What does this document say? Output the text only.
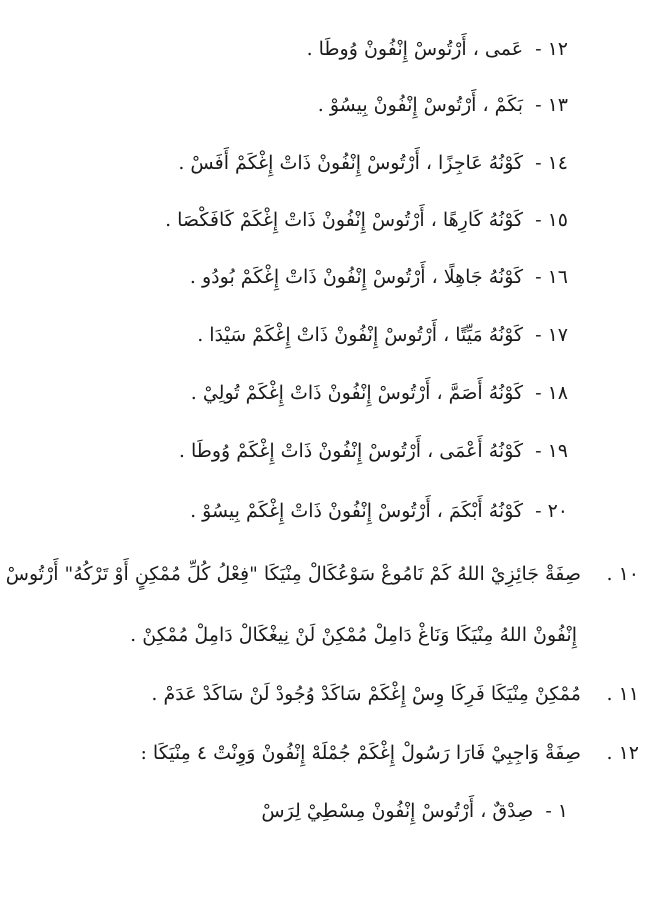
١٢ - عَمى ، أَرْتُوسْ إِنْفُونْ وُوطَا .
١٣ - بَكَمْ ، أَرْتُوسْ إِنْفُونْ بِيسُوْ .
١٤ - كَوْنُهُ عَاجِزًا ، أَرْتُوسْ إِنْفُونْ ذَاتْ إِغْكَمْ أَفَسْ .
١٥ - كَوْنُهُ كَارِهًا ، أَرْتُوسْ إِنْفُونْ ذَاتْ إِغْكَمْ كَافَكْصَا .
١٦ - كَوْنُهُ جَاهِلًا ، أَرْتُوسْ إِنْفُونْ ذَاتْ إِغْكَمْ بُودُو .
١٧ - كَوْنُهُ مَيِّتًا ، أَرْتُوسْ إِنْفُونْ ذَاتْ إِغْكَمْ سَيْدَا .
١٨ - كَوْنُهُ أَصَمَّ ، أَرْتُوسْ إِنْفُونْ ذَاتْ إِغْكَمْ تُولِيْ .
١٩ - كَوْنُهُ أَعْمَى ، أَرْتُوسْ إِنْفُونْ ذَاتْ إِغْكَمْ وُوطَا .
٢٠ - كَوْنُهُ أَبْكَمَ ، أَرْتُوسْ إِنْفُونْ ذَاتْ إِغْكَمْ بِيسُوْ .
١٠ . صِفَةْ جَائِزِيْ اللهُ كَمْ نَامُوعْ سَوْعُكَالْ مِنْيَكَا "فِعْلُ كُلِّ مُمْكِنٍ أَوْ تَرْكُهُ" أَرْتُوسْ
إِنْفُونْ اللهُ مِنْيَكَا وَنَاغْ دَامِلْ مُمْكِنْ لَنْ نِيغْكَالْ دَامِلْ مُمْكِنْ .
١١ . مُمْكِنْ مِنْيَكَا فَرِكَا وِسْ إِغْكَمْ سَاكَدْ وُجُودْ لَنْ سَاكَدْ عَدَمْ .
١٢ . صِفَةْ وَاجِبِيْ فَارَا رَسُولْ إِغْكَمْ جُمْلَهْ إِنْفُونْ وَوِنْتْ ٤ مِنْيَكَا :
١ - صِدْقٌ ، أَرْتُوسْ إِنْفُونْ مِسْطِيْ لِرَسْ
